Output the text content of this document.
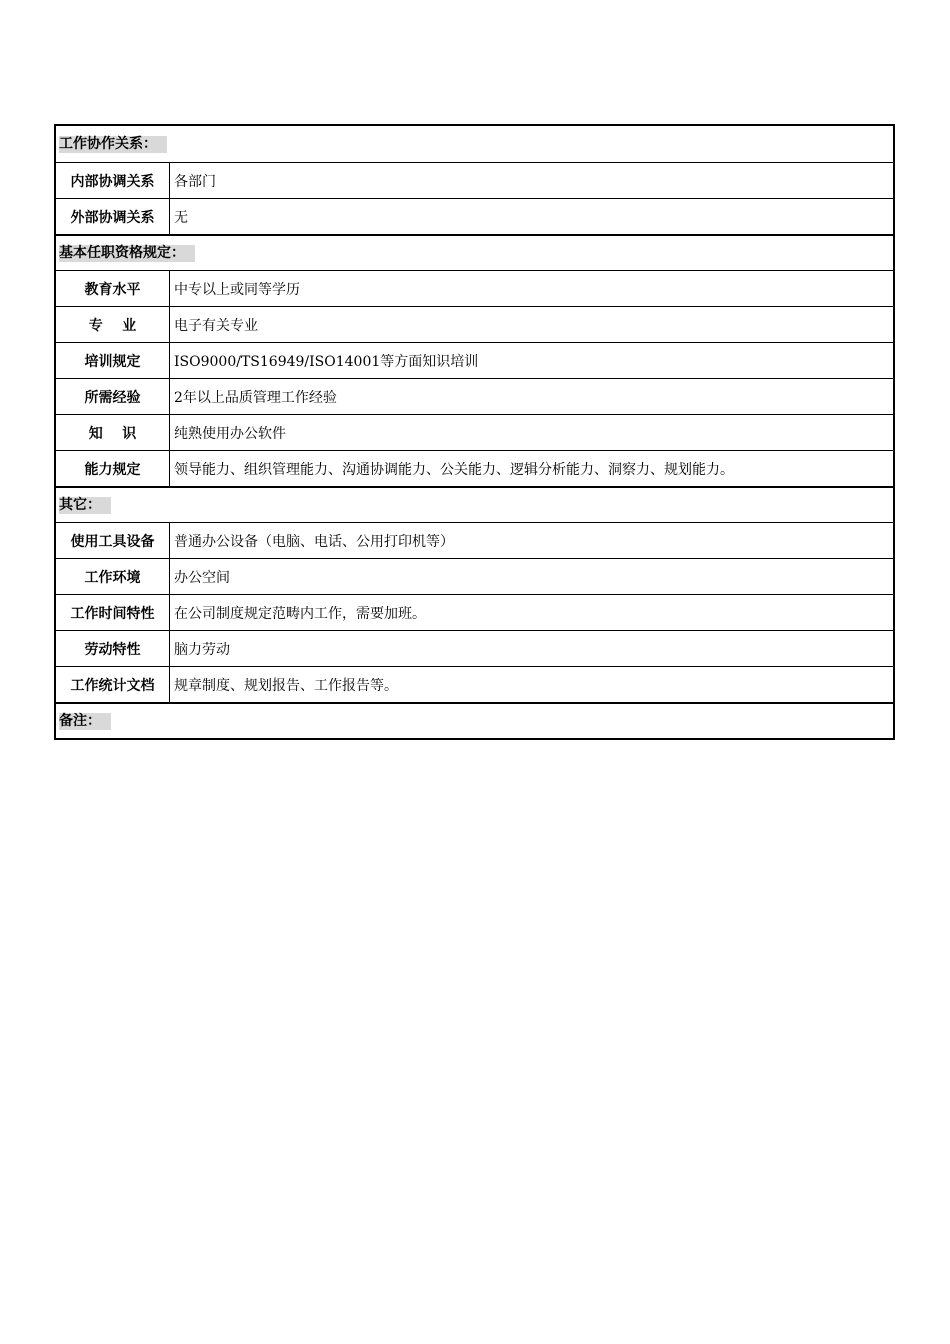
工作协作关系：
内部协调关系	各部门
外部协调关系	无
基本任职资格规定：
教育水平	中专以上或同等学历
专    业	电子有关专业
培训规定	ISO9000/TS16949/ISO14001等方面知识培训
所需经验	2年以上品质管理工作经验
知    识	纯熟使用办公软件
能力规定	领导能力、组织管理能力、沟通协调能力、公关能力、逻辑分析能力、洞察力、规划能力。
其它：
使用工具设备	普通办公设备（电脑、电话、公用打印机等）
工作环境	办公空间
工作时间特性	在公司制度规定范畴内工作，需要加班。
劳动特性	脑力劳动
工作统计文档	规章制度、规划报告、工作报告等。
备注：
